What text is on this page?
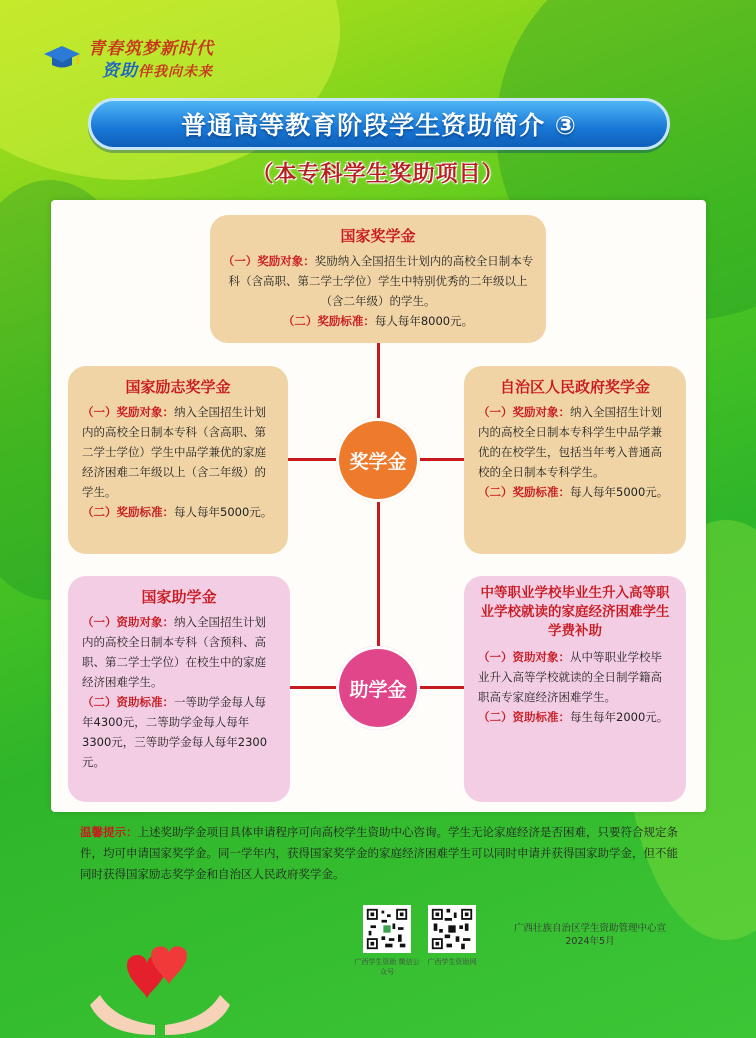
青春筑梦新时代
资助伴我向未来
普通高等教育阶段学生资助简介 ③
（本专科学生奖助项目）
国家奖学金
（一）奖励对象：奖励纳入全国招生计划内的高校全日制本专科（含高职、第二学士学位）学生中特别优秀的二年级以上（含二年级）的学生。
（二）奖励标准：每人每年8000元。
国家励志奖学金
（一）奖励对象：纳入全国招生计划内的高校全日制本专科（含高职、第二学士学位）学生中品学兼优的家庭经济困难二年级以上（含二年级）的学生。
（二）奖励标准：每人每年5000元。
自治区人民政府奖学金
（一）奖励对象：纳入全国招生计划内的高校全日制本专科学生中品学兼优的在校学生，包括当年考入普通高校的全日制本专科学生。
（二）奖励标准：每人每年5000元。
国家助学金
（一）资助对象：纳入全国招生计划内的高校全日制本专科（含预科、高职、第二学士学位）在校生中的家庭经济困难学生。
（二）资助标准：一等助学金每人每年4300元，二等助学金每人每年3300元，三等助学金每人每年2300元。
中等职业学校毕业生升入高等职业学校就读的家庭经济困难学生学费补助
（一）资助对象：从中等职业学校毕业升入高等学校就读的全日制学籍高职高专家庭经济困难学生。
（二）资助标准：每生每年2000元。
奖学金
助学金
温馨提示：上述奖助学金项目具体申请程序可向高校学生资助中心咨询。学生无论家庭经济是否困难，只要符合规定条件，均可申请国家奖学金。同一学年内，获得国家奖学金的家庭经济困难学生可以同时申请并获得国家助学金，但不能同时获得国家励志奖学金和自治区人民政府奖学金。
广西学生资助 微信公众号
广西学生资助网
广西壮族自治区学生资助管理中心宣
2024年5月
